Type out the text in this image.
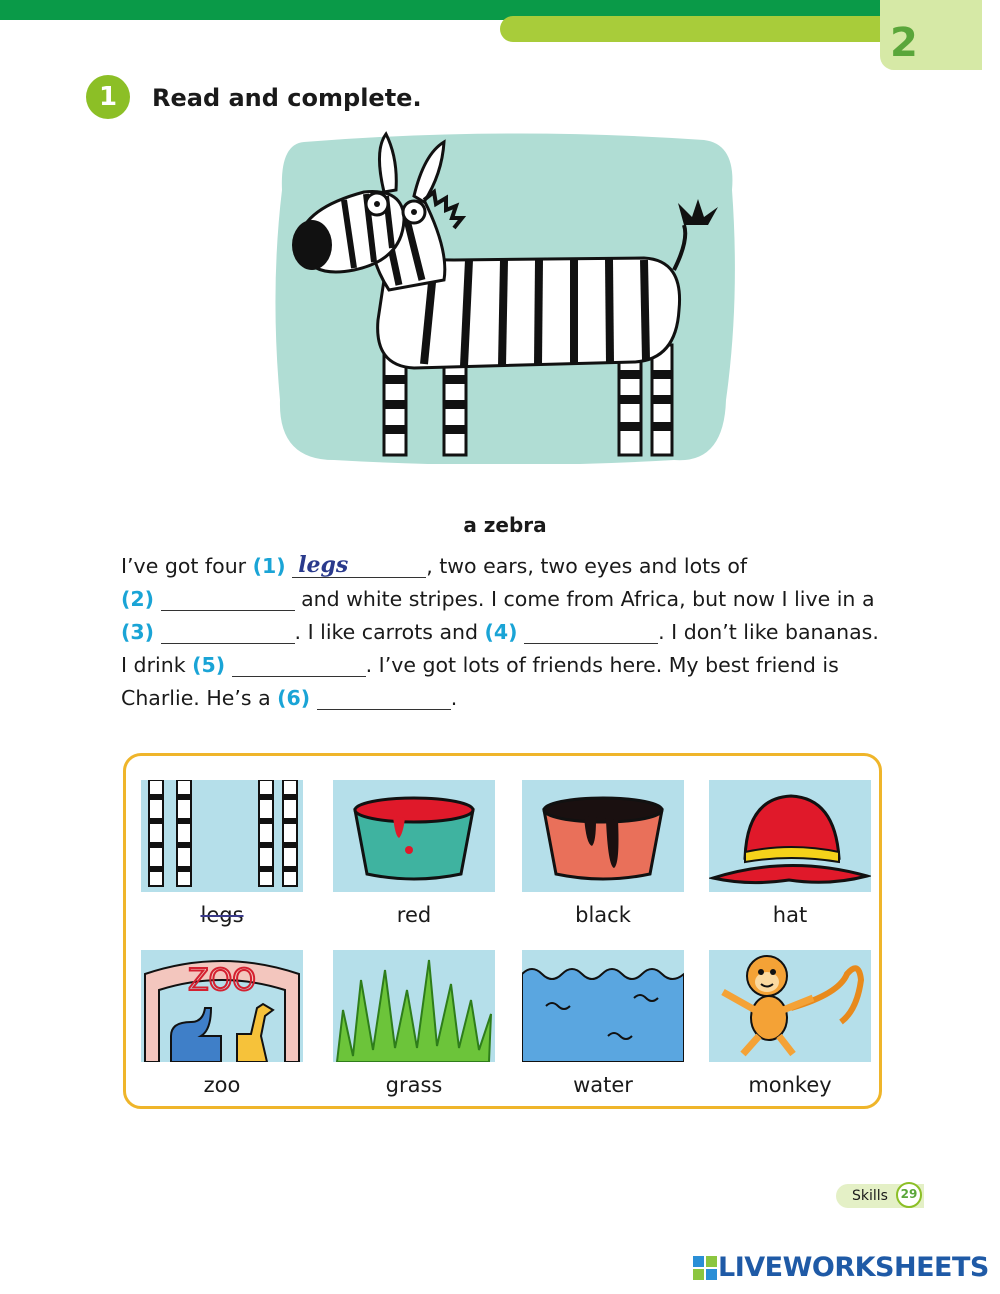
2
1	Read and complete.
a zebra
I’ve got four (1) legs	, two ears, two eyes and lots of
(2)	and white stripes. I come from Africa, but now I live in a
(3)	. I like carrots and (4)	. I don’t like bananas.
I drink (5)	. I’ve got lots of friends here. My best friend is
Charlie. He’s a (6)	.
legs	red	black	hat
ZOO
zoo	grass	water	monkey
Skills	29
LIVEWORKSHEETS
